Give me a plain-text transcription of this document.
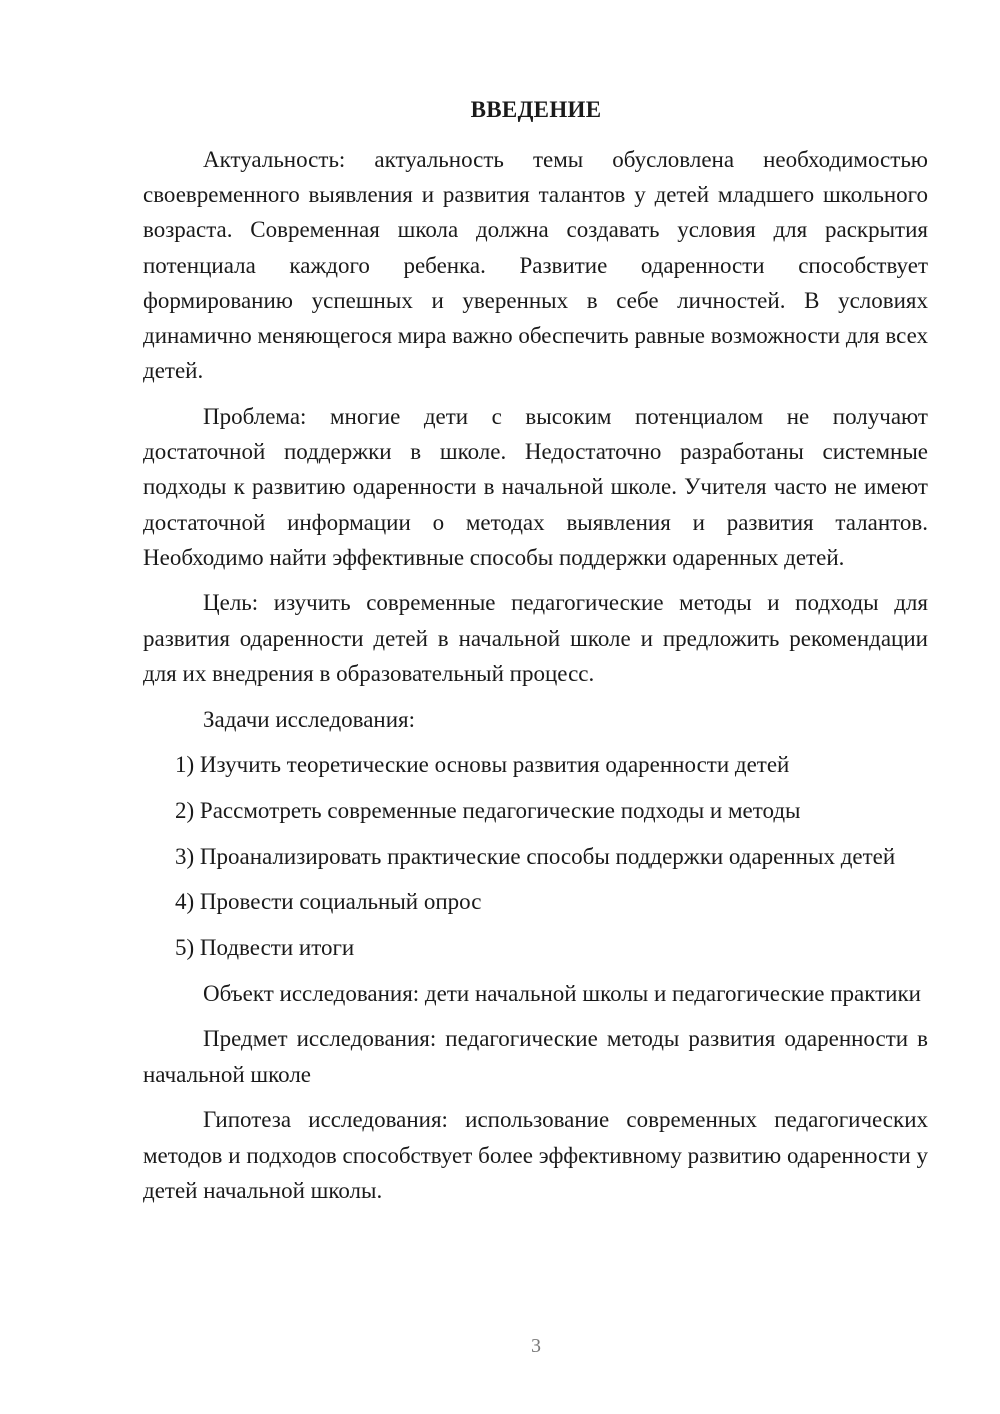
ВВЕДЕНИЕ

Актуальность: актуальность темы обусловлена необходимостью своевременного выявления и развития талантов у детей младшего школьного возраста. Современная школа должна создавать условия для раскрытия потенциала каждого ребенка. Развитие одаренности способствует формированию успешных и уверенных в себе личностей. В условиях динамично меняющегося мира важно обеспечить равные возможности для всех детей.

Проблема: многие дети с высоким потенциалом не получают достаточной поддержки в школе. Недостаточно разработаны системные подходы к развитию одаренности в начальной школе. Учителя часто не имеют достаточной информации о методах выявления и развития талантов. Необходимо найти эффективные способы поддержки одаренных детей.

Цель: изучить современные педагогические методы и подходы для развития одаренности детей в начальной школе и предложить рекомендации для их внедрения в образовательный процесс.

Задачи исследования:

1) Изучить теоретические основы развития одаренности детей

2) Рассмотреть современные педагогические подходы и методы

3) Проанализировать практические способы поддержки одаренных детей

4) Провести социальный опрос

5) Подвести итоги

Объект исследования: дети начальной школы и педагогические практики

Предмет исследования: педагогические методы развития одаренности в начальной школе

Гипотеза исследования: использование современных педагогических методов и подходов способствует более эффективному развитию одаренности у детей начальной школы.

3
